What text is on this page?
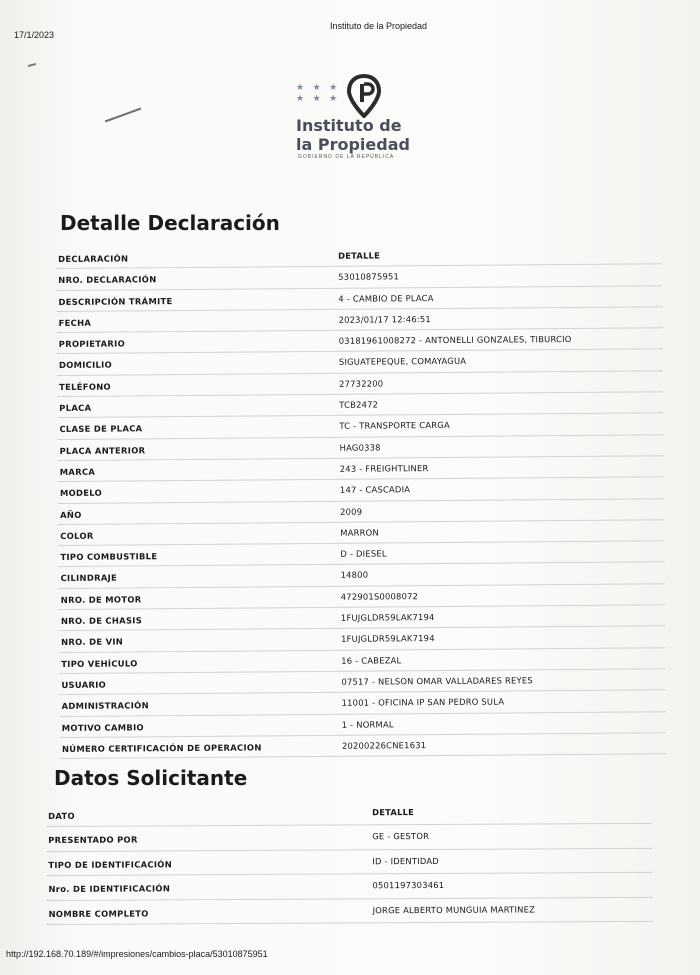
17/1/2023
Instituto de la Propiedad
★ ★ ★ ★ ★ ★
Instituto de
la Propiedad
GOBIERNO DE LA REPÚBLICA
Detalle Declaración
DECLARACIÓN	DETALLE
NRO. DECLARACIÓN	53010875951
DESCRIPCIÓN TRÁMITE	4 - CAMBIO DE PLACA
FECHA	2023/01/17 12:46:51
PROPIETARIO	03181961008272 - ANTONELLI GONZALES, TIBURCIO
DOMICILIO	SIGUATEPEQUE, COMAYAGUA
TELÉFONO	27732200
PLACA	TCB2472
CLASE DE PLACA	TC - TRANSPORTE CARGA
PLACA ANTERIOR	HAG0338
MARCA	243 - FREIGHTLINER
MODELO	147 - CASCADIA
AÑO	2009
COLOR	MARRON
TIPO COMBUSTIBLE	D - DIESEL
CILINDRAJE	14800
NRO. DE MOTOR	472901S0008072
NRO. DE CHASIS	1FUJGLDR59LAK7194
NRO. DE VIN	1FUJGLDR59LAK7194
TIPO VEHÍCULO	16 - CABEZAL
USUARIO	07517 - NELSON OMAR VALLADARES REYES
ADMINISTRACIÓN	11001 - OFICINA IP SAN PEDRO SULA
MOTIVO CAMBIO	1 - NORMAL
NÚMERO CERTIFICACIÓN DE OPERACION	20200226CNE1631
Datos Solicitante
DATO	DETALLE
PRESENTADO POR	GE - GESTOR
TIPO DE IDENTIFICACIÓN	ID - IDENTIDAD
Nro. DE IDENTIFICACIÓN	0501197303461
NOMBRE COMPLETO	JORGE ALBERTO MUNGUIA MARTINEZ
http://192.168.70.189/#/impresiones/cambios-placa/53010875951
